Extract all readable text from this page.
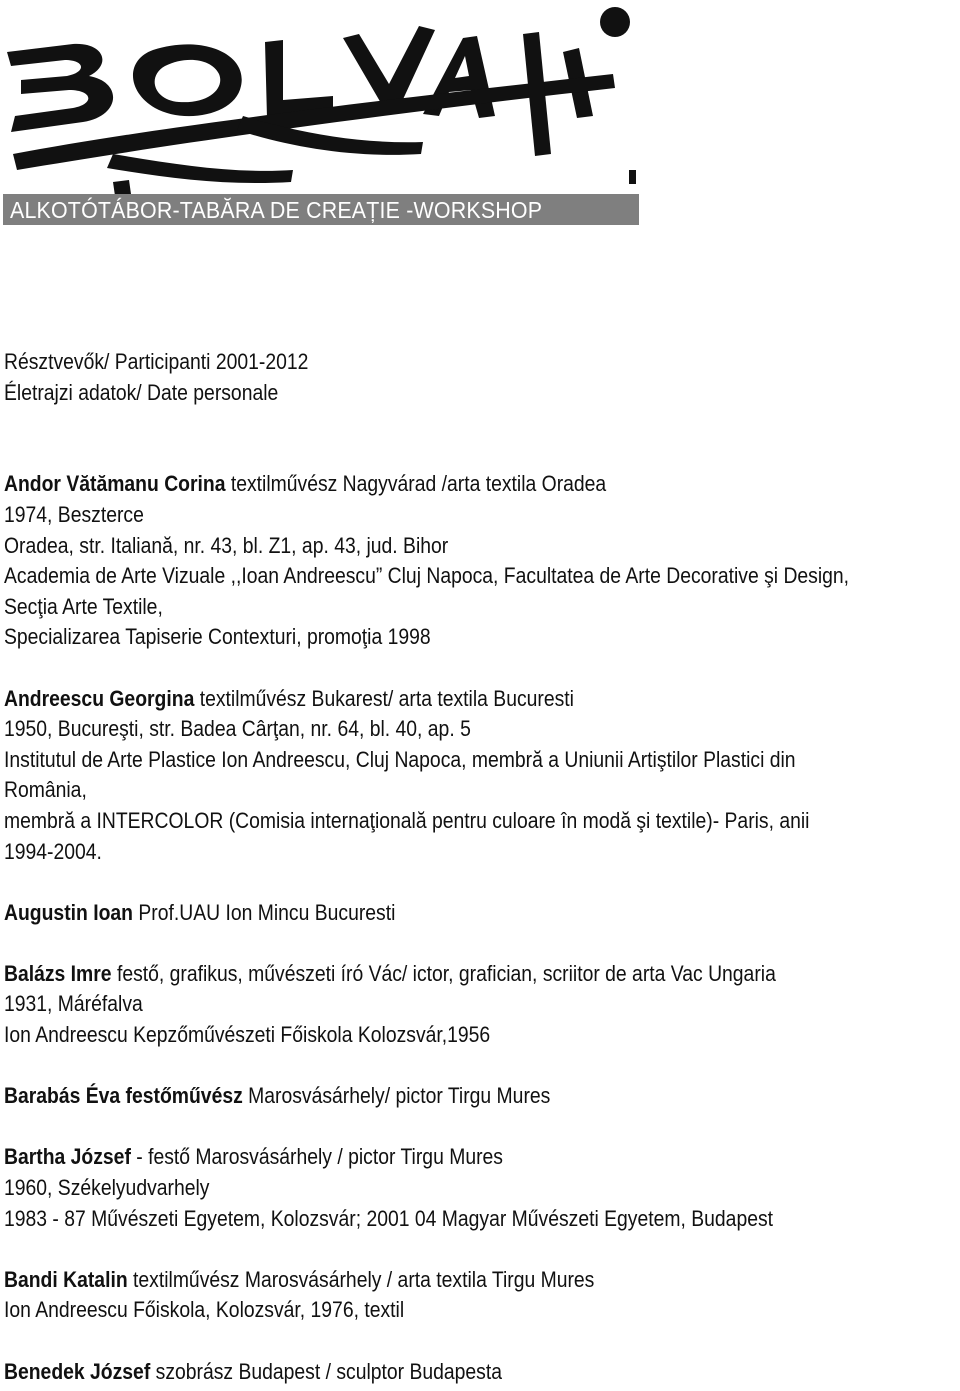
ALKOTÓTÁBOR-TABĂRA DE CREAȚIE -WORKSHOP
Résztvevők/ Participanti 2001-2012
Életrajzi adatok/ Date personale
Andor Vătămanu Corina textilművész Nagyvárad /arta textila Oradea
1974, Beszterce
Oradea, str. Italiană, nr. 43, bl. Z1, ap. 43, jud. Bihor
Academia de Arte Vizuale ,,Ioan Andreescu” Cluj Napoca, Facultatea de Arte Decorative şi Design,
Secţia Arte Textile,
Specializarea Tapiserie Contexturi, promoţia 1998
Andreescu Georgina textilművész Bukarest/ arta textila Bucuresti
1950, Bucureşti, str. Badea Cârţan, nr. 64, bl. 40, ap. 5
Institutul de Arte Plastice Ion Andreescu, Cluj Napoca, membră a Uniunii Artiştilor Plastici din
România,
membră a INTERCOLOR (Comisia internaţională pentru culoare în modă şi textile)- Paris, anii
1994-2004.
Augustin Ioan Prof.UAU Ion Mincu Bucuresti
Balázs Imre festő, grafikus, művészeti író Vác/ ictor, grafician, scriitor de arta Vac Ungaria
1931, Máréfalva
Ion Andreescu Kepzőművészeti Főiskola Kolozsvár,1956
Barabás Éva festőművész Marosvásárhely/ pictor Tirgu Mures
Bartha József - festő Marosvásárhely / pictor Tirgu Mures
1960, Székelyudvarhely
1983 - 87 Művészeti Egyetem, Kolozsvár; 2001 04 Magyar Művészeti Egyetem, Budapest
Bandi Katalin textilművész Marosvásárhely / arta textila Tirgu Mures
Ion Andreescu Főiskola, Kolozsvár, 1976, textil
Benedek József szobrász Budapest / sculptor Budapesta
